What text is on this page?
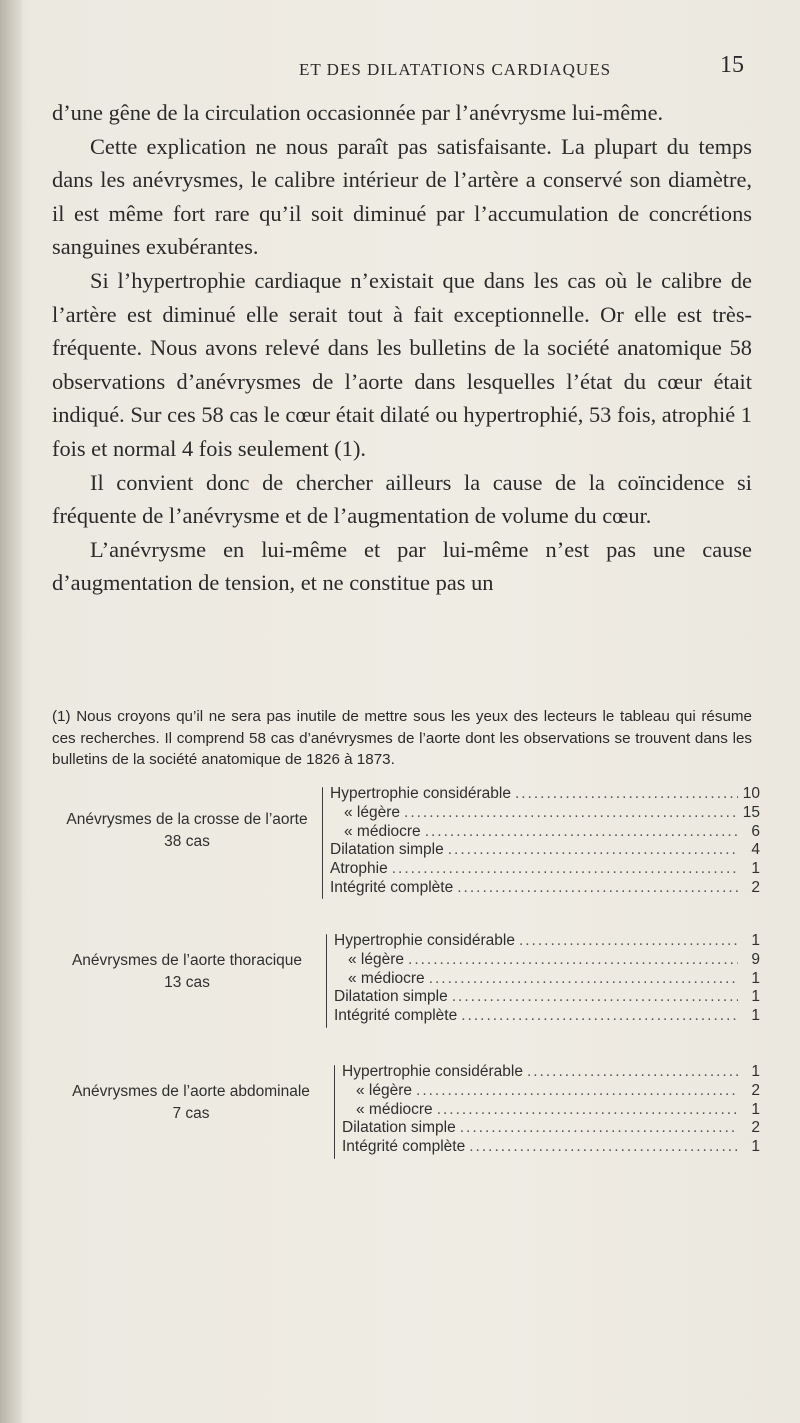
ET DES DILATATIONS CARDIAQUES	15

d’une gêne de la circulation occasionnée par l’anévrysme lui-même.

Cette explication ne nous paraît pas satisfaisante. La plupart du temps dans les anévrysmes, le calibre intérieur de l’artère a conservé son diamètre, il est même fort rare qu’il soit diminué par l’accumulation de concrétions sanguines exubérantes.

Si l’hypertrophie cardiaque n’existait que dans les cas où le calibre de l’artère est diminué elle serait tout à fait exceptionnelle. Or elle est très-fréquente. Nous avons relevé dans les bulletins de la société anatomique 58 observations d’anévrysmes de l’aorte dans lesquelles l’état du cœur était indiqué. Sur ces 58 cas le cœur était dilaté ou hypertrophié, 53 fois, atrophié 1 fois et normal 4 fois seulement (1).

Il convient donc de chercher ailleurs la cause de la coïncidence si fréquente de l’anévrysme et de l’augmentation de volume du cœur.

L’anévrysme en lui-même et par lui-même n’est pas une cause d’augmentation de tension, et ne constitue pas un

(1) Nous croyons qu’il ne sera pas inutile de mettre sous les yeux des lecteurs le tableau qui résume ces recherches. Il comprend 58 cas d’anévrysmes de l’aorte dont les observations se trouvent dans les bulletins de la société anatomique de 1826 à 1873.

Anévrysmes de la crosse de l’aorte
38 cas
Hypertrophie considérable .....	10
« légère .....	15
« médiocre .....	6
Dilatation simple .....	4
Atrophie .....	1
Intégrité complète .....	2
Anévrysmes de l’aorte thoracique
13 cas
Hypertrophie considérable .....	1
« légère .....	9
« médiocre .....	1
Dilatation simple .....	1
Intégrité complète .....	1
Anévrysmes de l’aorte abdominale
7 cas
Hypertrophie considérable .....	1
« légère .....	2
« médiocre .....	1
Dilatation simple .....	2
Intégrité complète .....	1
